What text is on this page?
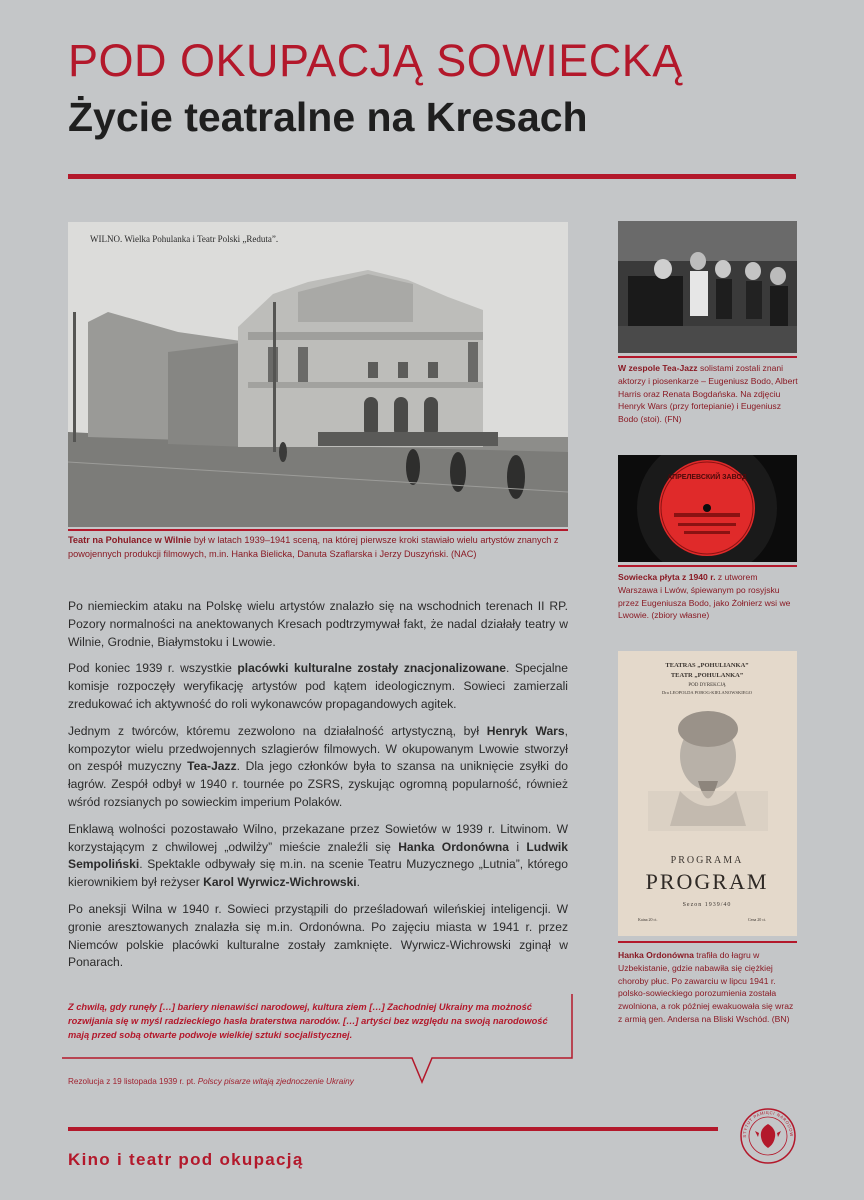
POD OKUPACJĄ SOWIECKĄ
Życie teatralne na Kresach
WILNO. Wielka Pohulanka i Teatr Polski „Reduta”.
Teatr na Pohulance w Wilnie był w latach 1939–1941 sceną, na której pierwsze kroki stawiało wielu artystów znanych z powojennych produkcji filmowych, m.in. Hanka Bielicka, Danuta Szaflarska i Jerzy Duszyński. (NAC)
W zespole Tea-Jazz solistami zostali znani aktorzy i piosenkarze – Eugeniusz Bodo, Albert Harris oraz Renata Bogdańska. Na zdjęciu Henryk Wars (przy fortepianie) i Eugeniusz Bodo (stoi). (FN)
АПРЕЛЕВСКИЙ ЗАВОД
Sowiecka płyta z 1940 r. z utworem Warszawa i Lwów, śpiewanym po rosyjsku przez Eugeniusza Bodo, jako Żołnierz wsi we Lwowie. (zbiory własne)
TEATRAS „POHULIANKA”
TEATR „POHULANKA”
POD DYREKCJĄ
Dra LEOPOLDA POBOG-KIELANOWSKIEGO
PROGRAMA
PROGRAM
Sezon 1939/40
Kaina 20 ct.	Cena 20 ct.
Hanka Ordonówna trafiła do łagru w Uzbekistanie, gdzie nabawiła się ciężkiej choroby płuc. Po zawarciu w lipcu 1941 r. polsko-sowieckiego porozumienia została zwolniona, a rok później ewakuowała się wraz z armią gen. Andersa na Bliski Wschód. (BN)

Po niemieckim ataku na Polskę wielu artystów znalazło się na wschodnich terenach II RP. Pozory normalności na anektowanych Kresach podtrzymywał fakt, że nadal działały teatry w Wilnie, Grodnie, Białymstoku i Lwowie.

Pod koniec 1939 r. wszystkie placówki kulturalne zostały znacjonalizowane. Specjalne komisje rozpoczęły weryfikację artystów pod kątem ideologicznym. Sowieci zamierzali zredukować ich aktywność do roli wykonawców propagandowych agitek.

Jednym z twórców, któremu zezwolono na działalność artystyczną, był Henryk Wars, kompozytor wielu przedwojennych szlagierów filmowych. W okupowanym Lwowie stworzył on zespół muzyczny Tea-Jazz. Dla jego członków była to szansa na uniknięcie zsyłki do łagrów. Zespół odbył w 1940 r. tournée po ZSRS, zyskując ogromną popularność, również wśród rozsianych po sowieckim imperium Polaków.

Enklawą wolności pozostawało Wilno, przekazane przez Sowietów w 1939 r. Litwinom. W korzystającym z chwilowej „odwilży” mieście znaleźli się Hanka Ordonówna i Ludwik Sempoliński. Spektakle odbywały się m.in. na scenie Teatru Muzycznego „Lutnia”, którego kierownikiem był reżyser Karol Wyrwicz-Wichrowski.

Po aneksji Wilna w 1940 r. Sowieci przystąpili do prześladowań wileńskiej inteligencji. W gronie aresztowanych znalazła się m.in. Ordonówna. Po zajęciu miasta w 1941 r. przez Niemców polskie placówki kulturalne zostały zamknięte. Wyrwicz-Wichrowski zginął w Ponarach.

Z chwilą, gdy runęły […] bariery nienawiści narodowej, kultura ziem […] Zachodniej Ukrainy ma możność rozwijania się w myśl radzieckiego hasła braterstwa narodów. […] artyści bez względu na swoją narodowość mają przed sobą otwarte podwoje wielkiej sztuki socjalistycznej.
Rezolucja z 19 listopada 1939 r. pt. Polscy pisarze witają zjednoczenie Ukrainy
Kino i teatr pod okupacją
STYTUT PAMIĘCI NARODOW
